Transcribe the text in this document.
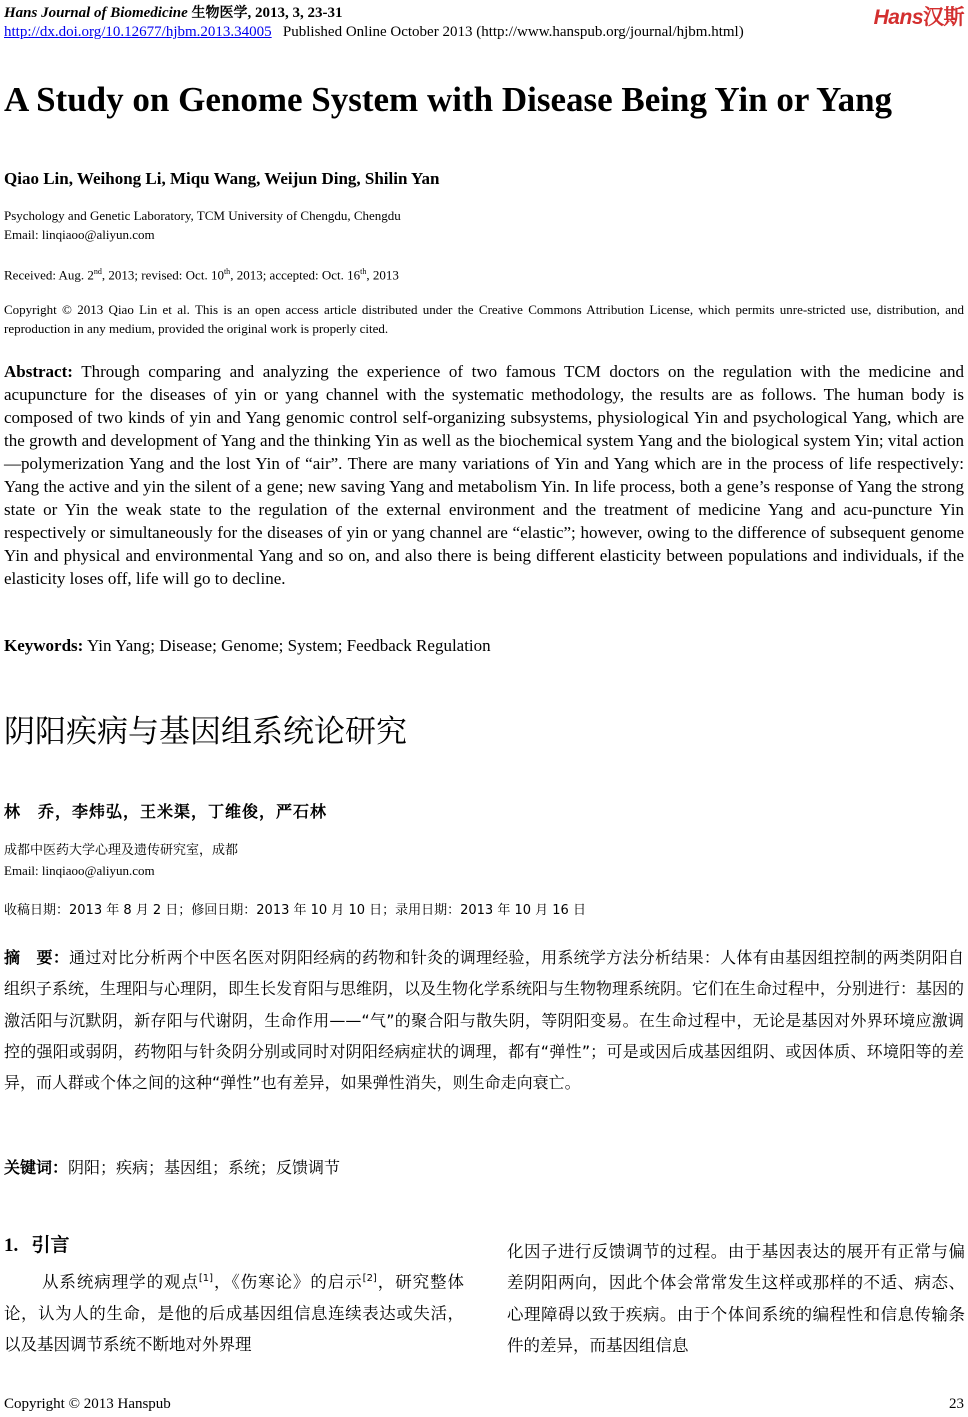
Hans Journal of Biomedicine 生物医学, 2013, 3, 23-31
http://dx.doi.org/10.12677/hjbm.2013.34005 Published Online October 2013 (http://www.hanspub.org/journal/hjbm.html)
Hans汉斯
A Study on Genome System with Disease Being Yin or Yang
Qiao Lin, Weihong Li, Miqu Wang, Weijun Ding, Shilin Yan
Psychology and Genetic Laboratory, TCM University of Chengdu, Chengdu
Email: linqiaoo@aliyun.com
Received: Aug. 2nd, 2013; revised: Oct. 10th, 2013; accepted: Oct. 16th, 2013
Copyright © 2013 Qiao Lin et al. This is an open access article distributed under the Creative Commons Attribution License, which permits unre-stricted use, distribution, and reproduction in any medium, provided the original work is properly cited.
Abstract: Through comparing and analyzing the experience of two famous TCM doctors on the regulation with the medicine and acupuncture for the diseases of yin or yang channel with the systematic methodology, the results are as follows. The human body is composed of two kinds of yin and Yang genomic control self-organizing subsystems, physiological Yin and psychological Yang, which are the growth and development of Yang and the thinking Yin as well as the biochemical system Yang and the biological system Yin; vital action—polymerization Yang and the lost Yin of “air”. There are many variations of Yin and Yang which are in the process of life respectively: Yang the active and yin the silent of a gene; new saving Yang and metabolism Yin. In life process, both a gene’s response of Yang the strong state or Yin the weak state to the regulation of the external environment and the treatment of medicine Yang and acu-puncture Yin respectively or simultaneously for the diseases of yin or yang channel are “elastic”; however, owing to the difference of subsequent genome Yin and physical and environmental Yang and so on, and also there is being different elasticity between populations and individuals, if the elasticity loses off, life will go to decline.
Keywords: Yin Yang; Disease; Genome; System; Feedback Regulation
阴阳疾病与基因组系统论研究
林　乔，李炜弘，王米渠，丁维俊，严石林
成都中医药大学心理及遗传研究室，成都
Email: linqiaoo@aliyun.com
收稿日期：2013 年 8 月 2 日；修回日期：2013 年 10 月 10 日；录用日期：2013 年 10 月 16 日
摘　要：通过对比分析两个中医名医对阴阳经病的药物和针灸的调理经验，用系统学方法分析结果：人体有由基因组控制的两类阴阳自组织子系统，生理阳与心理阴，即生长发育阳与思维阴，以及生物化学系统阳与生物物理系统阴。它们在生命过程中，分别进行：基因的激活阳与沉默阴，新存阳与代谢阴，生命作用——“气”的聚合阳与散失阴，等阴阳变易。在生命过程中，无论是基因对外界环境应激调控的强阳或弱阴，药物阳与针灸阴分别或同时对阴阳经病症状的调理，都有“弹性”；可是或因后成基因组阴、或因体质、环境阳等的差异，而人群或个体之间的这种“弹性”也有差异，如果弹性消失，则生命走向衰亡。
关键词：阴阳；疾病；基因组；系统；反馈调节
1. 引言
从系统病理学的观点[1]，《伤寒论》的启示[2]，研究整体论，认为人的生命，是他的后成基因组信息连续表达或失活，以及基因调节系统不断地对外界理
化因子进行反馈调节的过程。由于基因表达的展开有正常与偏差阴阳两向，因此个体会常常发生这样或那样的不适、病态、心理障碍以致于疾病。由于个体间系统的编程性和信息传输条件的差异，而基因组信息
Copyright © 2013 Hanspub	23
